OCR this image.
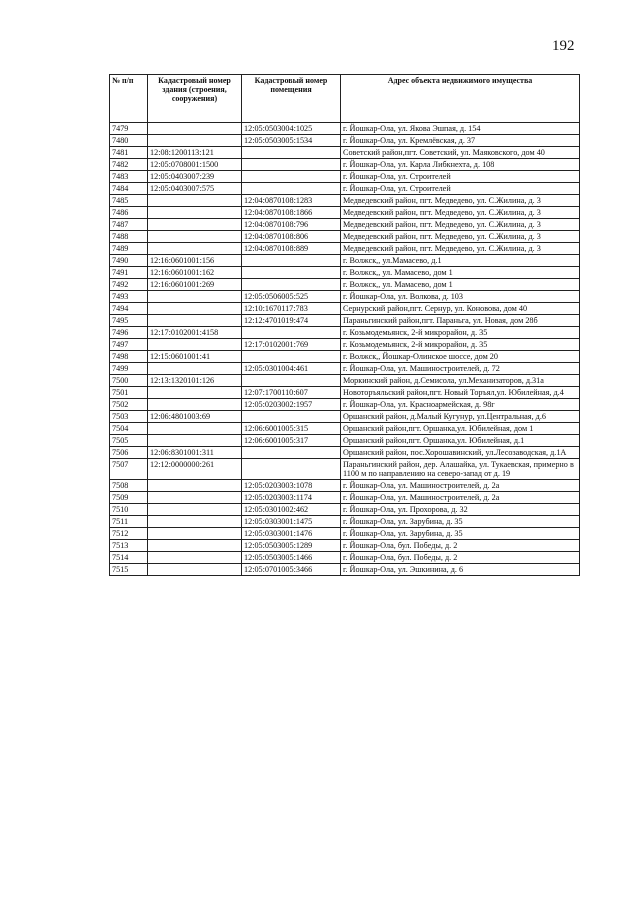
192
№ п/п	Кадастровый номер здания (строения, сооружения)	Кадастровый номер помещения	Адрес объекта недвижимого имущества
7479		12:05:0503004:1025	г. Йошкар-Ола, ул. Якова Эшпая, д. 154
7480		12:05:0503005:1534	г. Йошкар-Ола, ул. Кремлёвская, д. 37
7481	12:08:1200113:121		Советский район,пгт. Советский, ул. Маяковского, дом 40
7482	12:05:0708001:1500		г. Йошкар-Ола, ул. Карла Либкнехта, д. 108
7483	12:05:0403007:239		г. Йошкар-Ола, ул. Строителей
7484	12:05:0403007:575		г. Йошкар-Ола, ул. Строителей
7485		12:04:0870108:1283	Медведевский район, пгт. Медведево, ул. С.Жилина, д. 3
7486		12:04:0870108:1866	Медведевский район, пгт. Медведево, ул. С.Жилина, д. 3
7487		12:04:0870108:796	Медведевский район, пгт. Медведево, ул. С.Жилина, д. 3
7488		12:04:0870108:806	Медведевский район, пгт. Медведево, ул. С.Жилина, д. 3
7489		12:04:0870108:889	Медведевский район, пгт. Медведево, ул. С.Жилина, д. 3
7490	12:16:0601001:156		г. Волжск,, ул.Мамасево, д.1
7491	12:16:0601001:162		г. Волжск,, ул. Мамасево, дом 1
7492	12:16:0601001:269		г. Волжск,, ул. Мамасево, дом 1
7493		12:05:0506005:525	г. Йошкар-Ола, ул. Волкова, д. 103
7494		12:10:1670117:783	Сернурский район,пгт. Сернур, ул. Коновова, дом 40
7495		12:12:4701019:474	Параньгинский район,пгт. Параньга, ул. Новая, дом 28б
7496	12:17:0102001:4158		г. Козьмодемьянск, 2-й микрорайон, д. 35
7497		12:17:0102001:769	г. Козьмодемьянск, 2-й микрорайон, д. 35
7498	12:15:0601001:41		г. Волжск,, Йошкар-Олинское шоссе, дом 20
7499		12:05:0301004:461	г. Йошкар-Ола, ул. Машиностроителей, д. 72
7500	12:13:1320101:126		Моркинский район, д.Семисола, ул.Механизаторов, д.31а
7501		12:07:1700110:607	Новоторъяльский район,пгт. Новый Торъял,ул. Юбилейная, д.4
7502		12:05:0203002:1957	г. Йошкар-Ола, ул. Красноармейская, д. 98г
7503	12:06:4801003:69		Оршанский район, д.Малый Кугунур, ул.Центральная, д.6
7504		12:06:6001005:315	Оршанский район,пгт. Оршанка,ул. Юбилейная, дом 1
7505		12:06:6001005:317	Оршанский район,пгт. Оршанка,ул. Юбилейная, д.1
7506	12:06:8301001:311		Оршанский район, пос.Хорошавинский, ул.Лесозаводская, д.1А
7507	12:12:0000000:261		Параньгинский район, дер. Алашайка, ул. Тукаевская, примерно в 1100 м по направлению на северо-запад от д. 19
7508		12:05:0203003:1078	г. Йошкар-Ола, ул. Машиностроителей, д. 2а
7509		12:05:0203003:1174	г. Йошкар-Ола, ул. Машиностроителей, д. 2а
7510		12:05:0301002:462	г. Йошкар-Ола, ул. Прохорова, д. 32
7511		12:05:0303001:1475	г. Йошкар-Ола, ул. Зарубина, д. 35
7512		12:05:0303001:1476	г. Йошкар-Ола, ул. Зарубина, д. 35
7513		12:05:0503005:1289	г. Йошкар-Ола, бул. Победы, д. 2
7514		12:05:0503005:1466	г. Йошкар-Ола, бул. Победы, д. 2
7515		12:05:0701005:3466	г. Йошкар-Ола, ул. Эшкинина, д. 6
